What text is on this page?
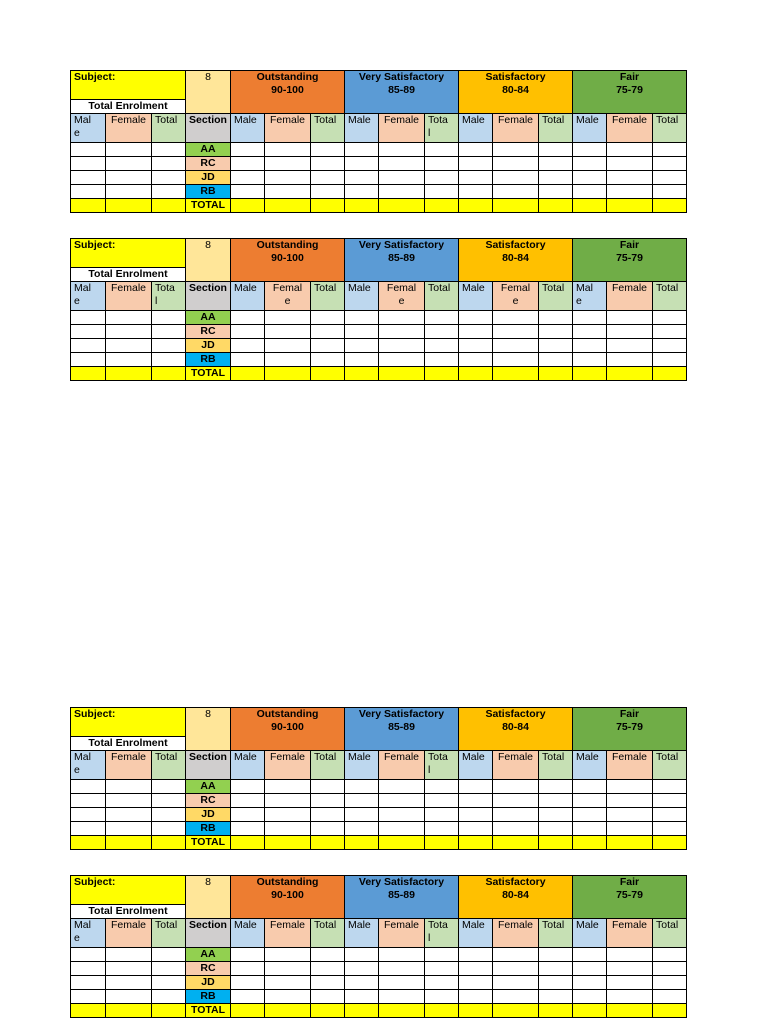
Subject:			8	Outstanding
90-100			Very Satisfactory
85-89			Satisfactory
80-84			Fair
75-79		

Total Enrolment															
Mal
e	Female	Total	Section	Male	Female	Total	Male	Female	Tota
l	Male	Female	Total	Male	Female	Total
			AA												
			RC												
			JD												
			RB												
			TOTAL												
Subject:			8	Outstanding
90-100			Very Satisfactory
85-89			Satisfactory
80-84			Fair
75-79		

Total Enrolment															
Mal
e	Female	Tota
l	Section	Male	Femal
e	Total	Male	Femal
e	Total	Male	Femal
e	Total	Mal
e	Female	Total
			AA												
			RC												
			JD												
			RB												
			TOTAL												
Subject:			8	Outstanding
90-100			Very Satisfactory
85-89			Satisfactory
80-84			Fair
75-79		

Total Enrolment															
Mal
e	Female	Total	Section	Male	Female	Total	Male	Female	Tota
l	Male	Female	Total	Male	Female	Total
			AA												
			RC												
			JD												
			RB												
			TOTAL												
Subject:			8	Outstanding
90-100			Very Satisfactory
85-89			Satisfactory
80-84			Fair
75-79		

Total Enrolment															
Mal
e	Female	Total	Section	Male	Female	Total	Male	Female	Tota
l	Male	Female	Total	Male	Female	Total
			AA												
			RC												
			JD												
			RB												
			TOTAL												
